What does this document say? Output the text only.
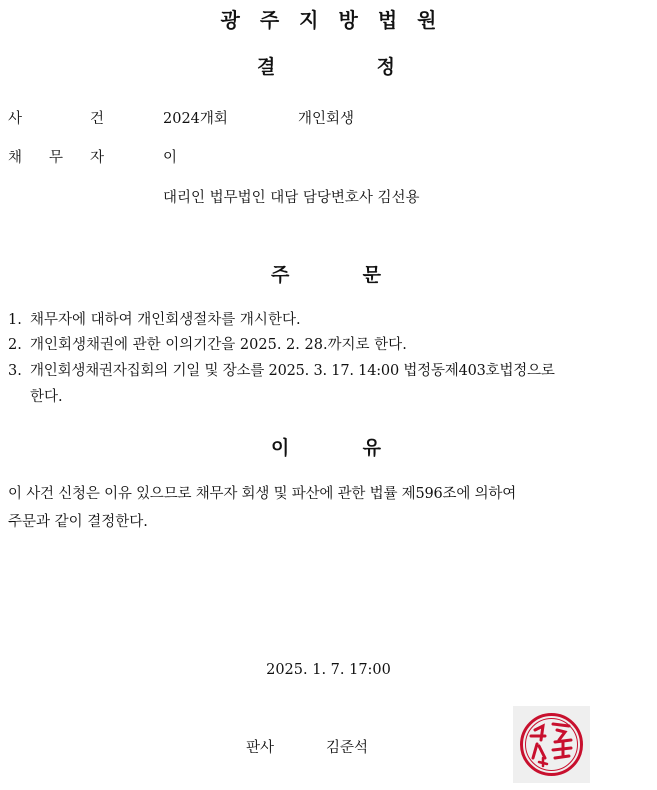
광 주 지 방 법 원
결	정
사	건	2024개회	개인회생
채 무 자	이
대리인 법무법인 대담 담당변호사 김선용
주	문
1. 채무자에 대하여 개인회생절차를 개시한다.
2. 개인회생채권에 관한 이의기간을 2025. 2. 28.까지로 한다.
3. 개인회생채권자집회의 기일 및 장소를 2025. 3. 17. 14:00 법정동제403호법정으로
한다.
이	유
이 사건 신청은 이유 있으므로 채무자 회생 및 파산에 관한 법률 제596조에 의하여
주문과 같이 결정한다.
2025. 1. 7. 17:00
판사	김준석
